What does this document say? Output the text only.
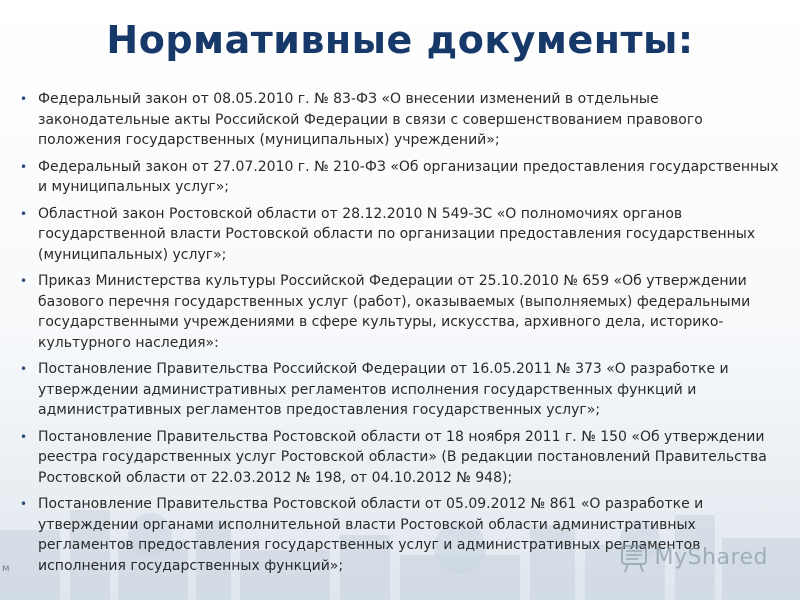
Нормативные документы:
• Федеральный закон от 08.05.2010 г. № 83-ФЗ «О внесении изменений в отдельные законодательные акты Российской Федерации в связи с совершенствованием правового положения государственных (муниципальных) учреждений»;
• Федеральный закон от 27.07.2010 г. № 210-ФЗ «Об организации предоставления государственных и муниципальных услуг»;
• Областной закон Ростовской области от 28.12.2010 N 549-ЗС «О полномочиях органов государственной власти Ростовской области по организации предоставления государственных (муниципальных) услуг»;
• Приказ Министерства культуры Российской Федерации от 25.10.2010 № 659 «Об утверждении базового перечня государственных услуг (работ), оказываемых (выполняемых) федеральными государственными учреждениями в сфере культуры, искусства, архивного дела, историко-культурного наследия»:
• Постановление Правительства Российской Федерации от 16.05.2011 № 373 «О разработке и утверждении административных регламентов исполнения государственных функций и административных регламентов предоставления государственных услуг»;
• Постановление Правительства Ростовской области от 18 ноября 2011 г. № 150 «Об утверждении реестра государственных услуг Ростовской области» (В редакции постановлений Правительства Ростовской области от 22.03.2012 № 198, от 04.10.2012 № 948);
• Постановление Правительства Ростовской области от 05.09.2012 № 861 «О разработке и утверждении органами исполнительной власти Ростовской области административных регламентов предоставления государственных услуг и административных регламентов исполнения государственных функций»;
м	MyShared
